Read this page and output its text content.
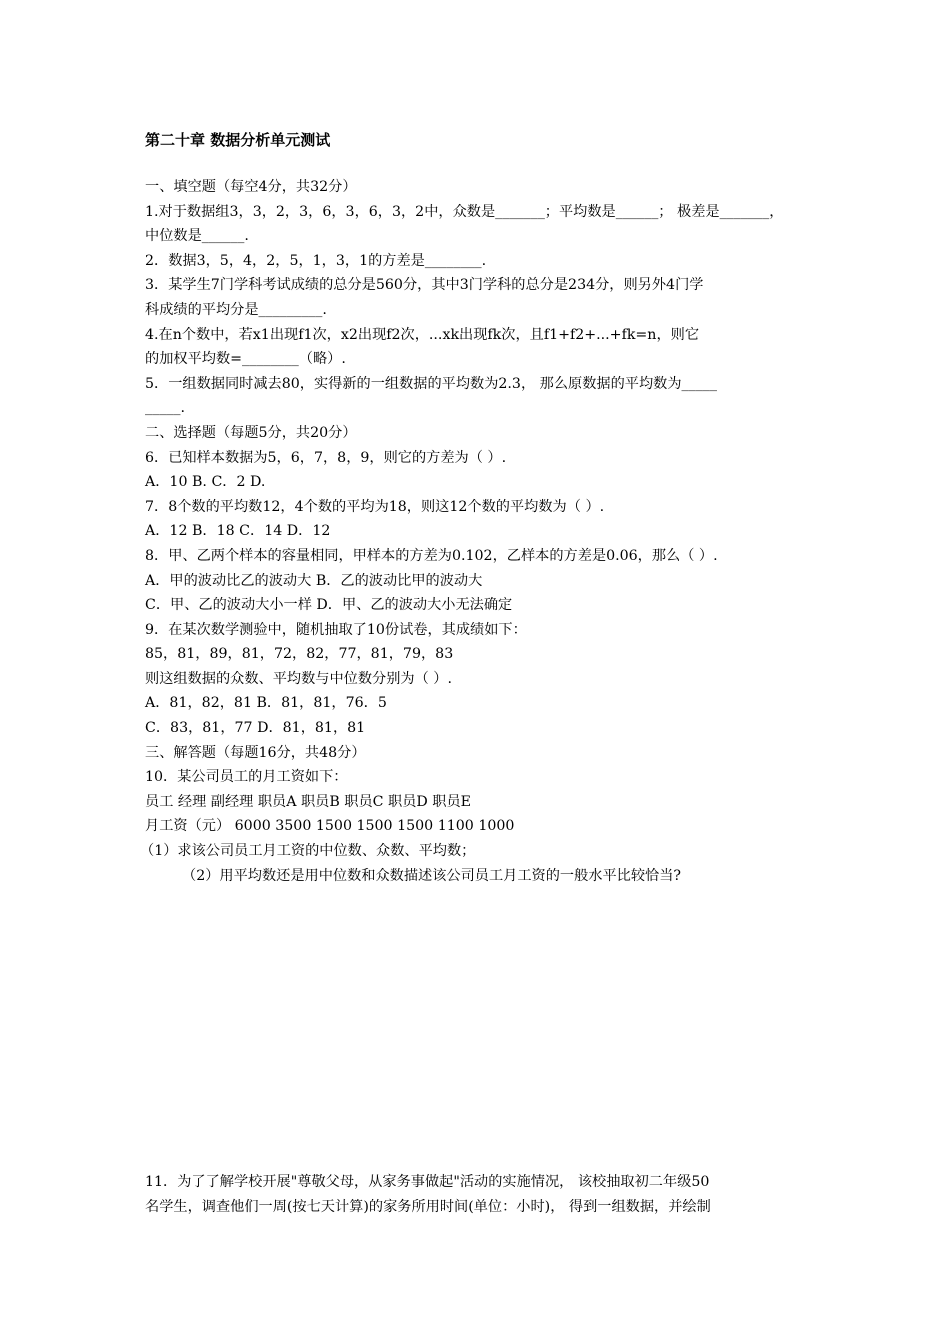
第二十章 数据分析单元测试
一、填空题（每空4分，共32分）
1.对于数据组3，3，2，3，6，3，6，3，2中，众数是_______；平均数是______； 极差是_______，
中位数是______.
2．数据3，5，4，2，5，1，3，1的方差是________.
3．某学生7门学科考试成绩的总分是560分，其中3门学科的总分是234分，则另外4门学
科成绩的平均分是_________.
4.在n个数中，若x1出现f1次，x2出现f2次，...xk出现fk次，且f1+f2+...+fk=n，则它
的加权平均数=________（略）.
5．一组数据同时减去80，实得新的一组数据的平均数为2.3， 那么原数据的平均数为_____
_____.
二、选择题（每题5分，共20分）
6．已知样本数据为5，6，7，8，9，则它的方差为（ ）.
A．10 B. C．2 D.
7．8个数的平均数12，4个数的平均为18，则这12个数的平均数为（ ）.
A．12 B．18 C．14 D．12
8．甲、乙两个样本的容量相同，甲样本的方差为0.102，乙样本的方差是0.06，那么（ ）.
A．甲的波动比乙的波动大 B．乙的波动比甲的波动大
C．甲、乙的波动大小一样 D．甲、乙的波动大小无法确定
9．在某次数学测验中，随机抽取了10份试卷，其成绩如下：
85，81，89，81，72，82，77，81，79，83
则这组数据的众数、平均数与中位数分别为（ ）.
A．81，82，81 B．81，81，76．5
C．83，81，77 D．81，81，81
三、解答题（每题16分，共48分）
10．某公司员工的月工资如下：
员工 经理 副经理 职员A 职员B 职员C 职员D 职员E
月工资（元） 6000 3500 1500 1500 1500 1100 1000
（1）求该公司员工月工资的中位数、众数、平均数；
（2）用平均数还是用中位数和众数描述该公司员工月工资的一般水平比较恰当?
11．为了了解学校开展"尊敬父母，从家务事做起"活动的实施情况， 该校抽取初二年级50
名学生，调查他们一周(按七天计算)的家务所用时间(单位：小时)， 得到一组数据，并绘制
